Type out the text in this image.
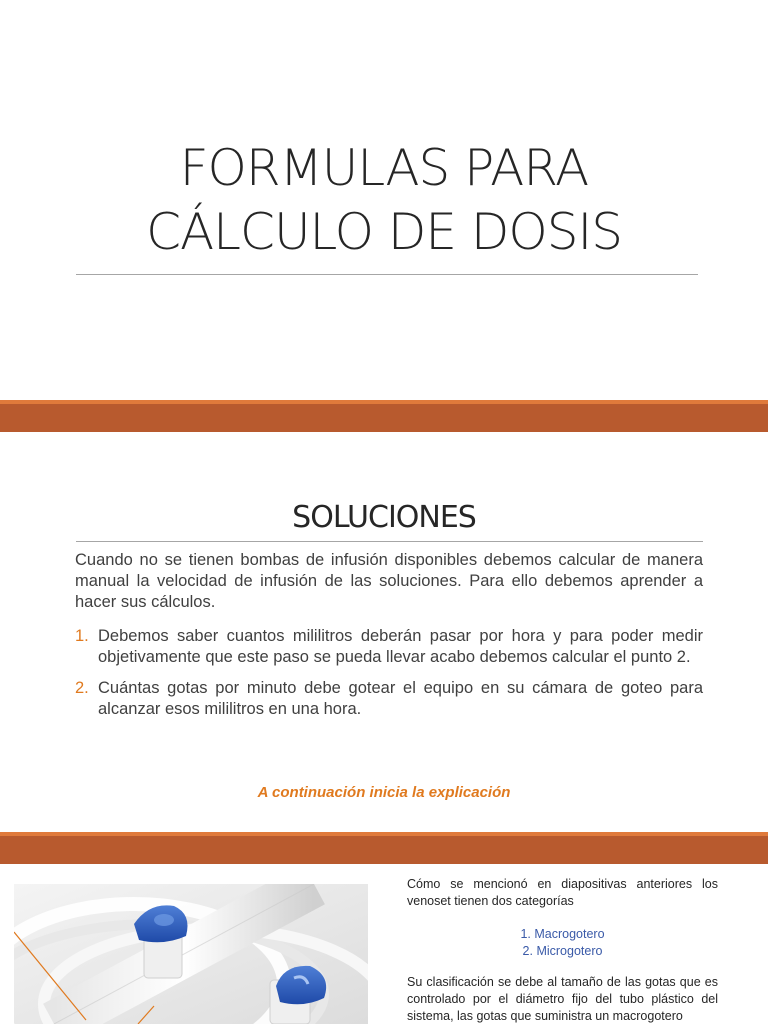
FORMULAS PARA
CÁLCULO DE DOSIS
SOLUCIONES

Cuando no se tienen bombas de infusión disponibles debemos calcular de manera manual la velocidad de infusión de las soluciones. Para ello debemos aprender a hacer sus cálculos.

1. Debemos saber cuantos mililitros deberán pasar por hora y para poder medir objetivamente que este paso se pueda llevar acabo debemos calcular el punto 2.
2. Cuántas gotas por minuto debe gotear el equipo en su cámara de goteo para alcanzar esos mililitros en una hora.
A continuación inicia la explicación

Cómo se mencionó en diapositivas anteriores los venoset tienen dos categorías

1. Macrogotero
2. Microgotero

Su clasificación se debe al tamaño de las gotas que es controlado por el diámetro fijo del tubo plástico del sistema, las gotas que suministra un macrogotero
